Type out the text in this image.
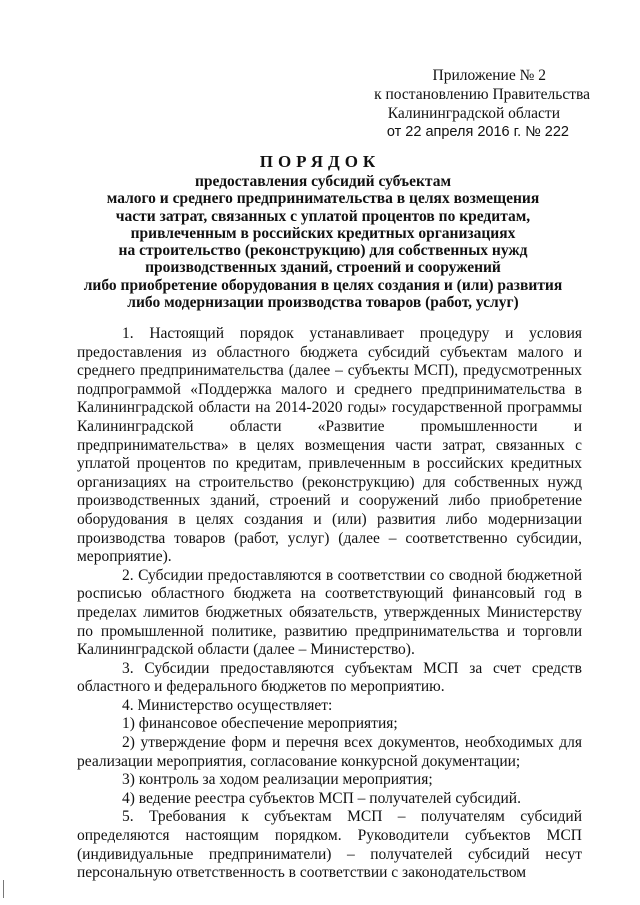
Приложение № 2
к постановлению Правительства
Калининградской области
от 22 апреля 2016 г. № 222
ПОРЯДОК
предоставления субсидий субъектам
малого и среднего предпринимательства в целях возмещения
части затрат, связанных с уплатой процентов по кредитам,
привлеченным в российских кредитных организациях
на строительство (реконструкцию) для собственных нужд
производственных зданий, строений и сооружений
либо приобретение оборудования в целях создания и (или) развития
либо модернизации производства товаров (работ, услуг)

1. Настоящий порядок устанавливает процедуру и условия предоставления из областного бюджета субсидий субъектам малого и среднего предпринимательства (далее – субъекты МСП), предусмотренных подпрограммой «Поддержка малого и среднего предпринимательства в Калининградской области на 2014-2020 годы» государственной программы Калининградской области «Развитие промышленности и предпринимательства» в целях возмещения части затрат, связанных с уплатой процентов по кредитам, привлеченным в российских кредитных организациях на строительство (реконструкцию) для собственных нужд производственных зданий, строений и сооружений либо приобретение оборудования в целях создания и (или) развития либо модернизации производства товаров (работ, услуг) (далее – соответственно субсидии, мероприятие).

2. Субсидии предоставляются в соответствии со сводной бюджетной росписью областного бюджета на соответствующий финансовый год в пределах лимитов бюджетных обязательств, утвержденных Министерству по промышленной политике, развитию предпринимательства и торговли Калининградской области (далее – Министерство).

3. Субсидии предоставляются субъектам МСП за счет средств областного и федерального бюджетов по мероприятию.

4. Министерство осуществляет:

1) финансовое обеспечение мероприятия;

2) утверждение форм и перечня всех документов, необходимых для реализации мероприятия, согласование конкурсной документации;

3) контроль за ходом реализации мероприятия;

4) ведение реестра субъектов МСП – получателей субсидий.

5. Требования к субъектам МСП – получателям субсидий определяются настоящим порядком. Руководители субъектов МСП (индивидуальные предприниматели) – получателей субсидий несут персональную ответственность в соответствии с законодательством
